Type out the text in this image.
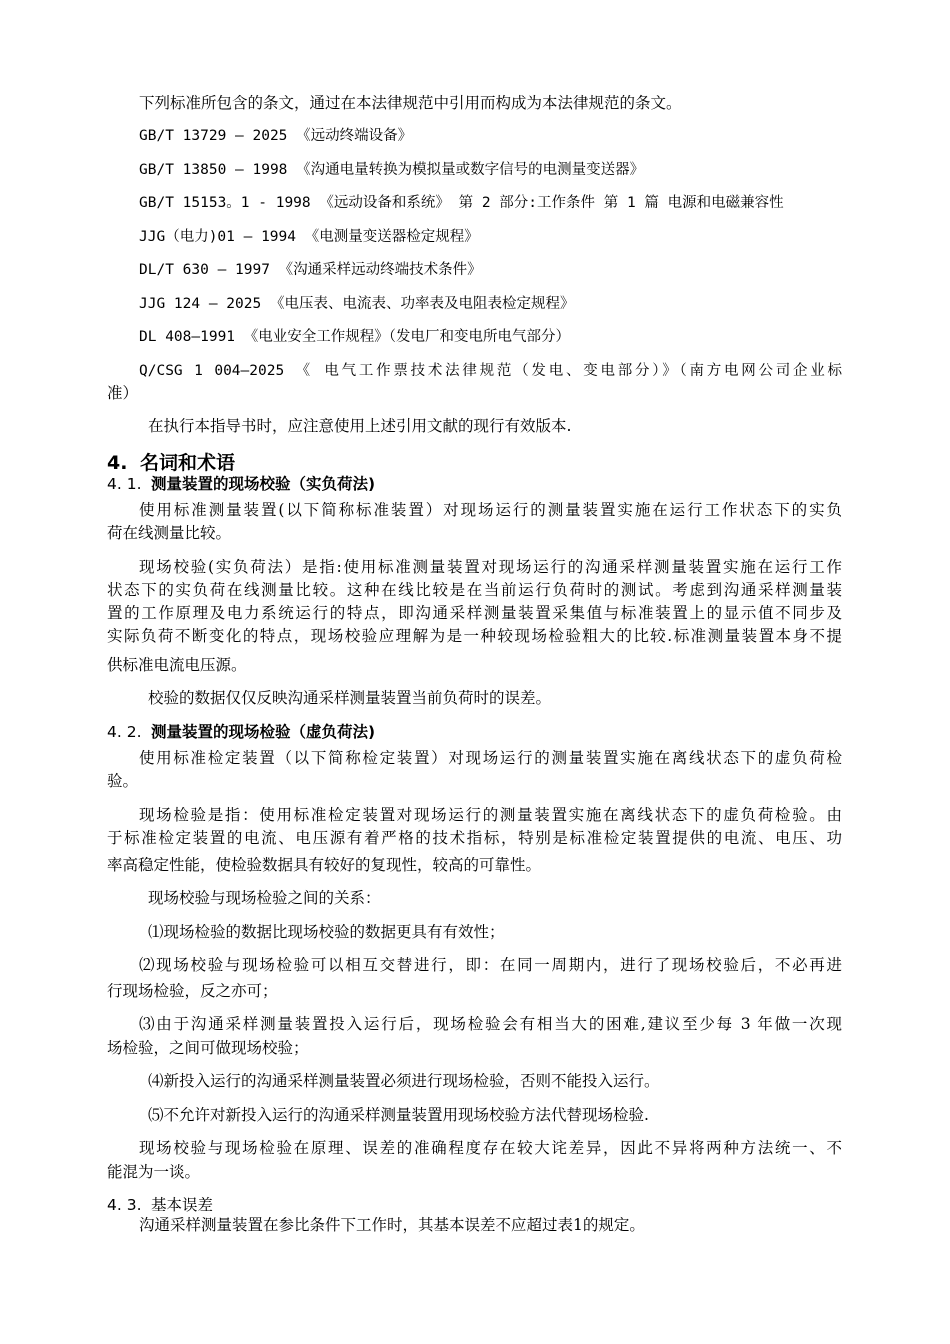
下列标准所包含的条文，通过在本法律规范中引用而构成为本法律规范的条文。
GB/T 13729 — 2025 《远动终端设备》
GB/T 13850 — 1998 《沟通电量转换为模拟量或数字信号的电测量变送器》
GB/T 15153。1 - 1998 《远动设备和系统》 第 2 部分:工作条件 第 1 篇 电源和电磁兼容性
JJG（电力)01 — 1994 《电测量变送器检定规程》
DL/T 630 – 1997 《沟通采样远动终端技术条件》
JJG 124 — 2025 《电压表、电流表、功率表及电阻表检定规程》
DL 408—1991 《电业安全工作规程》（发电厂和变电所电气部分）
Q/CSG 1 004—2025 《 电气工作票技术法律规范（发电、变电部分）》（南方电网公司企业标
准）
在执行本指导书时，应注意使用上述引用文献的现行有效版本.
4. 名词和术语
4. 1. 测量装置的现场校验（实负荷法)
使用标准测量装置(以下简称标准装置）对现场运行的测量装置实施在运行工作状态下的实负
荷在线测量比较。
现场校验(实负荷法）是指:使用标准测量装置对现场运行的沟通采样测量装置实施在运行工作
状态下的实负荷在线测量比较。这种在线比较是在当前运行负荷时的测试。考虑到沟通采样测量装
置的工作原理及电力系统运行的特点，即沟通采样测量装置采集值与标准装置上的显示值不同步及
实际负荷不断变化的特点，现场校验应理解为是一种较现场检验粗大的比较.标准测量装置本身不提
供标准电流电压源。
校验的数据仅仅反映沟通采样测量装置当前负荷时的误差。
4. 2. 测量装置的现场检验（虚负荷法)
使用标准检定装置（以下简称检定装置）对现场运行的测量装置实施在离线状态下的虚负荷检
验。
现场检验是指：使用标准检定装置对现场运行的测量装置实施在离线状态下的虚负荷检验。由
于标准检定装置的电流、电压源有着严格的技术指标，特别是标准检定装置提供的电流、电压、功
率高稳定性能，使检验数据具有较好的复现性，较高的可靠性。
现场校验与现场检验之间的关系：
⑴现场检验的数据比现场校验的数据更具有有效性；
⑵现场校验与现场检验可以相互交替进行，即：在同一周期内，进行了现场校验后，不必再进
行现场检验，反之亦可；
⑶由于沟通采样测量装置投入运行后，现场检验会有相当大的困难,建议至少每 3 年做一次现
场检验，之间可做现场校验；
⑷新投入运行的沟通采样测量装置必须进行现场检验，否则不能投入运行。
⑸不允许对新投入运行的沟通采样测量装置用现场校验方法代替现场检验.
现场校验与现场检验在原理、误差的准确程度存在较大诧差异，因此不异将两种方法统一、不
能混为一谈。
4. 3. 基本误差
沟通采样测量装置在参比条件下工作时，其基本误差不应超过表1的规定。
